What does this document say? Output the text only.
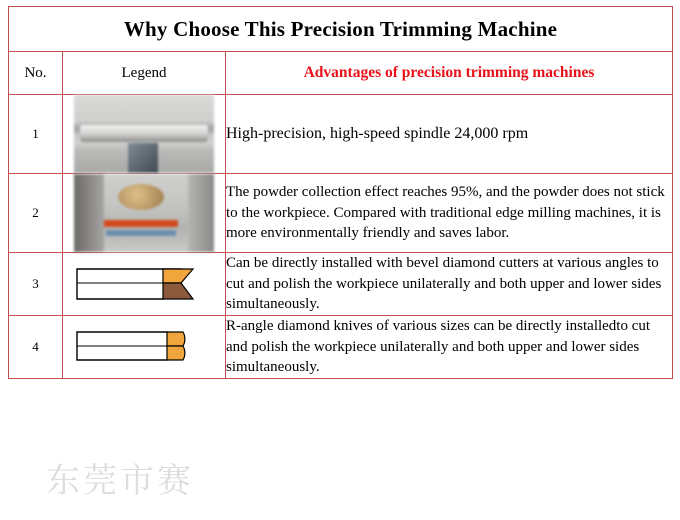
Why Choose This Precision Trimming Machine		
No.	Legend	Advantages of precision trimming machines
1		High-precision, high-speed spindle 24,000 rpm
2		The powder collection effect reaches 95%, and the powder does not stick to the workpiece. Compared with traditional edge milling machines, it is more environmentally friendly and saves labor.
3		Can be directly installed with bevel diamond cutters at various angles to cut and polish the workpiece unilaterally and both upper and lower sides simultaneously.
4		R-angle diamond knives of various sizes can be directly installedto cut and polish the workpiece unilaterally and both upper and lower sides simultaneously.
东莞市赛
